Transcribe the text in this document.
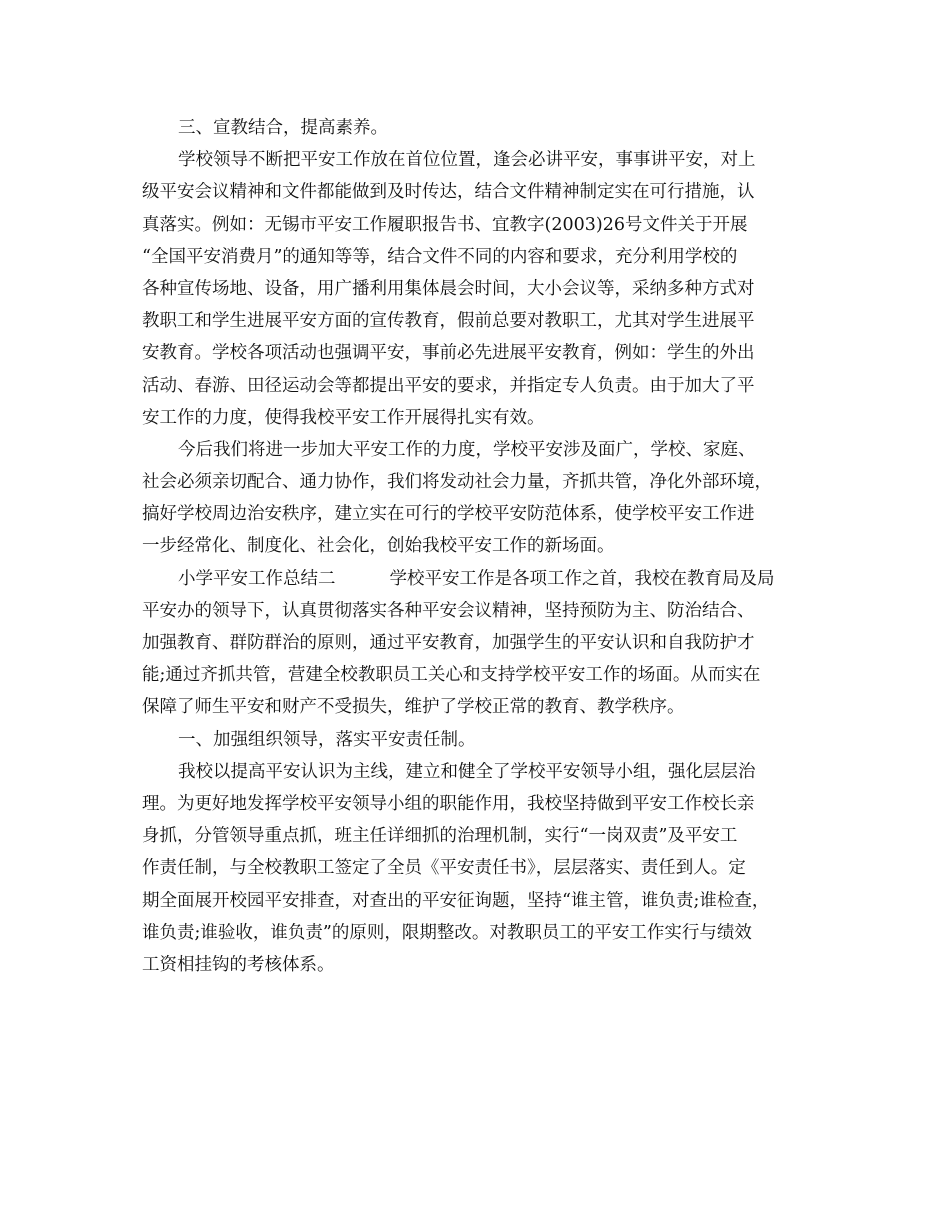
三、宣教结合，提高素养。
学校领导不断把平安工作放在首位位置，逢会必讲平安，事事讲平安，对上
级平安会议精神和文件都能做到及时传达，结合文件精神制定实在可行措施，认
真落实。例如：无锡市平安工作履职报告书、宜教字(2003)26号文件关于开展
“全国平安消费月”的通知等等，结合文件不同的内容和要求，充分利用学校的
各种宣传场地、设备，用广播利用集体晨会时间，大小会议等，采纳多种方式对
教职工和学生进展平安方面的宣传教育，假前总要对教职工，尤其对学生进展平
安教育。学校各项活动也强调平安，事前必先进展平安教育，例如：学生的外出
活动、春游、田径运动会等都提出平安的要求，并指定专人负责。由于加大了平
安工作的力度，使得我校平安工作开展得扎实有效。
今后我们将进一步加大平安工作的力度，学校平安涉及面广，学校、家庭、
社会必须亲切配合、通力协作，我们将发动社会力量，齐抓共管，净化外部环境，
搞好学校周边治安秩序，建立实在可行的学校平安防范体系，使学校平安工作进
一步经常化、制度化、社会化，创始我校平安工作的新场面。
小学平安工作总结二	学校平安工作是各项工作之首，我校在教育局及局
平安办的领导下，认真贯彻落实各种平安会议精神，坚持预防为主、防治结合、
加强教育、群防群治的原则，通过平安教育，加强学生的平安认识和自我防护才
能;通过齐抓共管，营建全校教职员工关心和支持学校平安工作的场面。从而实在
保障了师生平安和财产不受损失，维护了学校正常的教育、教学秩序。
一、加强组织领导，落实平安责任制。
我校以提高平安认识为主线，建立和健全了学校平安领导小组，强化层层治
理。为更好地发挥学校平安领导小组的职能作用，我校坚持做到平安工作校长亲
身抓，分管领导重点抓，班主任详细抓的治理机制，实行“一岗双责”及平安工
作责任制，与全校教职工签定了全员《平安责任书》，层层落实、责任到人。定
期全面展开校园平安排查，对查出的平安征询题，坚持“谁主管，谁负责;谁检查，
谁负责;谁验收，谁负责”的原则，限期整改。对教职员工的平安工作实行与绩效
工资相挂钩的考核体系。
